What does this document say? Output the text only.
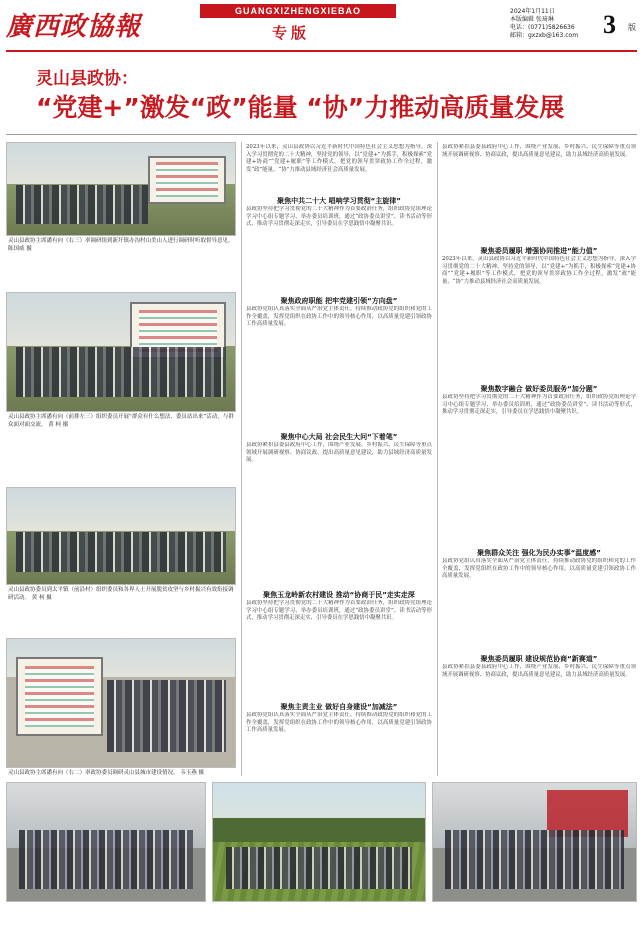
廣西政協報
GUANGXIZHENGXIEBAO
专版
2024年1月11日
本版编辑 张琦琳
电话：(0771)5826636
邮箱：gxzxb@163.com 3 版
灵山县政协：
“党建+”激发“政”能量 “协”力推动高质量发展
灵山县政协主席潘有向（右三）率调研组到新圩镇办沟村山美山人进行调研时听取督导意见。 陈国威 摄
灵山县政协主席潘有向（前排左三）组织委员开展“群众有什么想法、委员站出来”活动，与群众面对面交流。 黄 柯 摄
灵山县政协委员到太平镇（前沿村）组织委员和各界人士开展脱贫攻坚与乡村振兴有效衔接调研活动。 黄 柯 摄
灵山县政协主席潘有向（右二）率政协委员调研灵山县城市建设情况。 韦玉燕 摄
2023年以来，灵山县政协以习近平新时代中国特色社会主义思想为指导，深入学习贯彻党的二十大精神，坚持党的领导，以“党建+”为抓手，积极探索“党建+协商”“党建+履职”等工作模式，把党的领导贯穿政协工作全过程，激发“政”能量、“协”力推动县域经济社会高质量发展。
聚焦中共二十大 唱响学习贯彻“主旋律”
县政协坚持把学习贯彻党的二十大精神作为首要政治任务，组织政协党组理论学习中心组专题学习，举办委员培训班，通过“政协委员讲堂”、读书活动等形式，推动学习贯彻走深走实，引导委员在学思践悟中凝聚共识。
聚焦政府职能 把牢党建引领“方向盘”
县政协党组认真落实全面从严治党主体责任，持续推动政协党的组织和党的工作全覆盖，发挥党组织在政协工作中的领导核心作用，以高质量党建引领政协工作高质量发展。
聚焦中心大局 社会民生大问“下着笔”
县政协紧扣县委县政府中心工作，围绕产业发展、乡村振兴、民生保障等重点领域开展调研视察、协商议政，提出高质量意见建议，助力县域经济高质量发展。
聚焦玉龙岭新农村建设 推动“协商于民”走实走深
县政协坚持把学习贯彻党的二十大精神作为首要政治任务，组织政协党组理论学习中心组专题学习，举办委员培训班，通过“政协委员讲堂”、读书活动等形式，推动学习贯彻走深走实，引导委员在学思践悟中凝聚共识。
聚焦主责主业 做好自身建设“加减法”
县政协党组认真落实全面从严治党主体责任，持续推动政协党的组织和党的工作全覆盖，发挥党组织在政协工作中的领导核心作用，以高质量党建引领政协工作高质量发展。
县政协紧扣县委县政府中心工作，围绕产业发展、乡村振兴、民生保障等重点领域开展调研视察、协商议政，提出高质量意见建议，助力县域经济高质量发展。
聚焦委员履职 增强协同推进“能力值”
2023年以来，灵山县政协以习近平新时代中国特色社会主义思想为指导，深入学习贯彻党的二十大精神，坚持党的领导，以“党建+”为抓手，积极探索“党建+协商”“党建+履职”等工作模式，把党的领导贯穿政协工作全过程，激发“政”能量、“协”力推动县域经济社会高质量发展。
聚焦数字融合 做好委员服务“加分题”
县政协坚持把学习贯彻党的二十大精神作为首要政治任务，组织政协党组理论学习中心组专题学习，举办委员培训班，通过“政协委员讲堂”、读书活动等形式，推动学习贯彻走深走实，引导委员在学思践悟中凝聚共识。
聚焦群众关注 强化为民办实事“温度感”
县政协党组认真落实全面从严治党主体责任，持续推动政协党的组织和党的工作全覆盖，发挥党组织在政协工作中的领导核心作用，以高质量党建引领政协工作高质量发展。
聚焦委员履职 建设规范协商“新赛道”
县政协紧扣县委县政府中心工作，围绕产业发展、乡村振兴、民生保障等重点领域开展调研视察、协商议政，提出高质量意见建议，助力县域经济高质量发展。
